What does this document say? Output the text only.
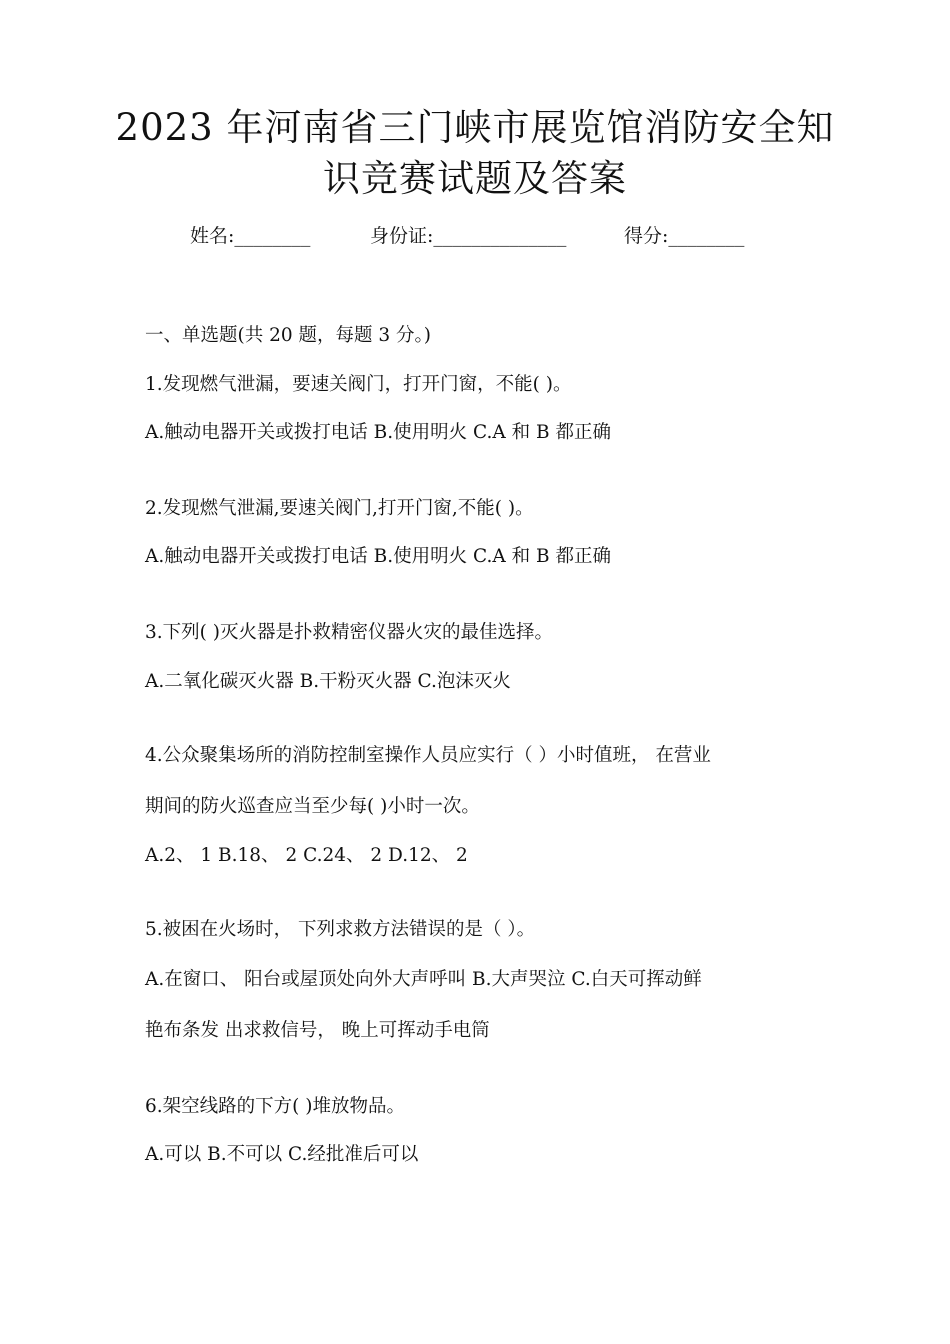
2023 年河南省三门峡市展览馆消防安全知
识竞赛试题及答案
姓名:________	身份证:______________	得分:________
一、单选题(共 20 题，每题 3 分。)
1.发现燃气泄漏，要速关阀门，打开门窗，不能( )。
A.触动电器开关或拨打电话 B.使用明火 C.A 和 B 都正确
2.发现燃气泄漏,要速关阀门,打开门窗,不能( )。
A.触动电器开关或拨打电话 B.使用明火 C.A 和 B 都正确
3.下列( )灭火器是扑救精密仪器火灾的最佳选择。
A.二氧化碳灭火器 B.干粉灭火器 C.泡沫灭火
4.公众聚集场所的消防控制室操作人员应实行（ ）小时值班， 在营业
期间的防火巡查应当至少每( )小时一次。
A.2、 1 B.18、 2 C.24、 2 D.12、 2
5.被困在火场时， 下列求救方法错误的是（ ）。
A.在窗口、 阳台或屋顶处向外大声呼叫 B.大声哭泣 C.白天可挥动鲜
艳布条发 出求救信号， 晚上可挥动手电筒
6.架空线路的下方( )堆放物品。
A.可以 B.不可以 C.经批准后可以
